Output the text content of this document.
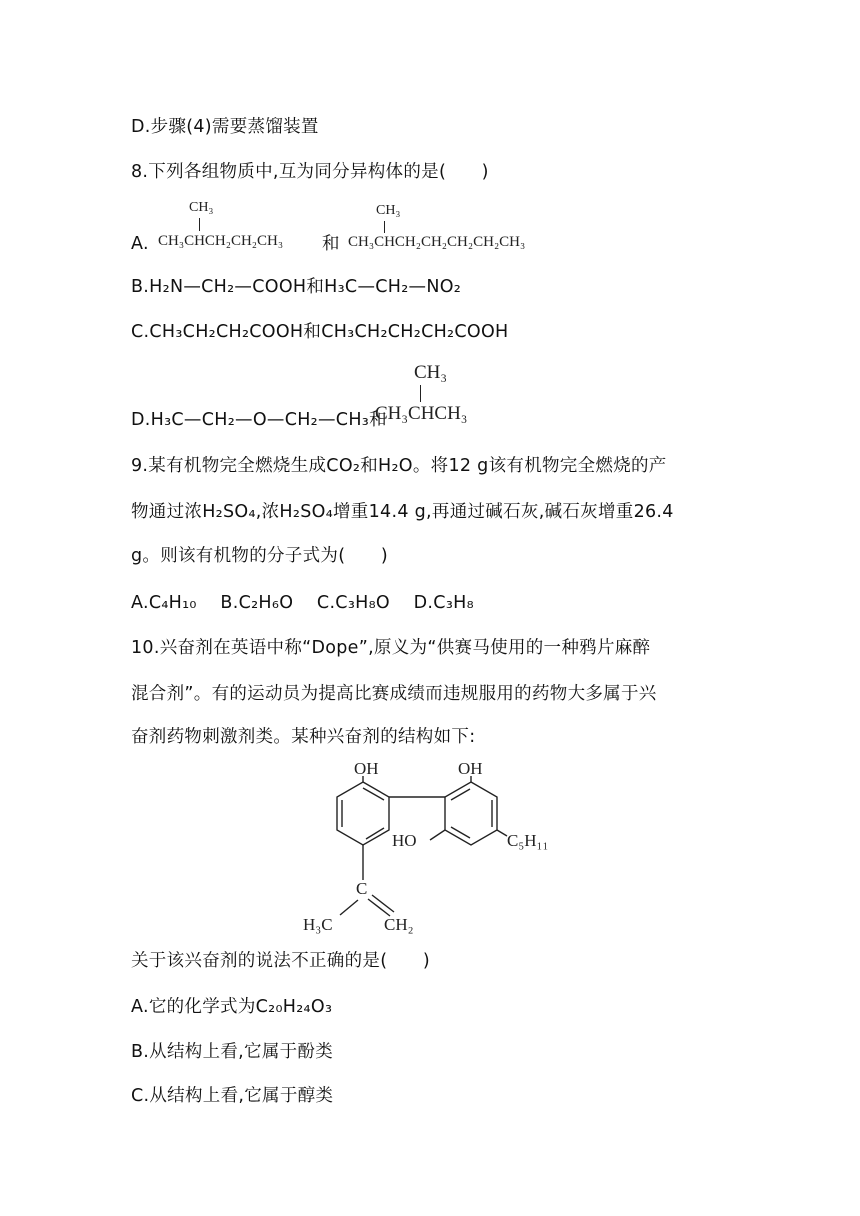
D.步骤(4)需要蒸馏装置
8.下列各组物质中,互为同分异构体的是(　　)
A.
CH₃
CH₃CHCH₂CH₂CH₃ 和
CH₃
CH₃CHCH₂CH₂CH₂CH₂CH₃
B.H₂N—CH₂—COOH和H₃C—CH₂—NO₂
C.CH₃CH₂CH₂COOH和CH₃CH₂CH₂CH₂COOH
D.H₃C—CH₂—O—CH₂—CH₃和
CH₃
CH₃CHCH₃
9.某有机物完全燃烧生成CO₂和H₂O。将12 g该有机物完全燃烧的产
物通过浓H₂SO₄,浓H₂SO₄增重14.4 g,再通过碱石灰,碱石灰增重26.4
g。则该有机物的分子式为(　　)
A.C₄H₁₀　 B.C₂H₆O　 C.C₃H₈O　 D.C₃H₈
10.兴奋剂在英语中称“Dope”,原义为“供赛马使用的一种鸦片麻醉
混合剂”。有的运动员为提高比赛成绩而违规服用的药物大多属于兴
奋剂药物刺激剂类。某种兴奋剂的结构如下:
OH	OH
HO	C₅H₁₁
C
H₃C	CH₂
关于该兴奋剂的说法不正确的是(　　)
A.它的化学式为C₂₀H₂₄O₃
B.从结构上看,它属于酚类
C.从结构上看,它属于醇类
